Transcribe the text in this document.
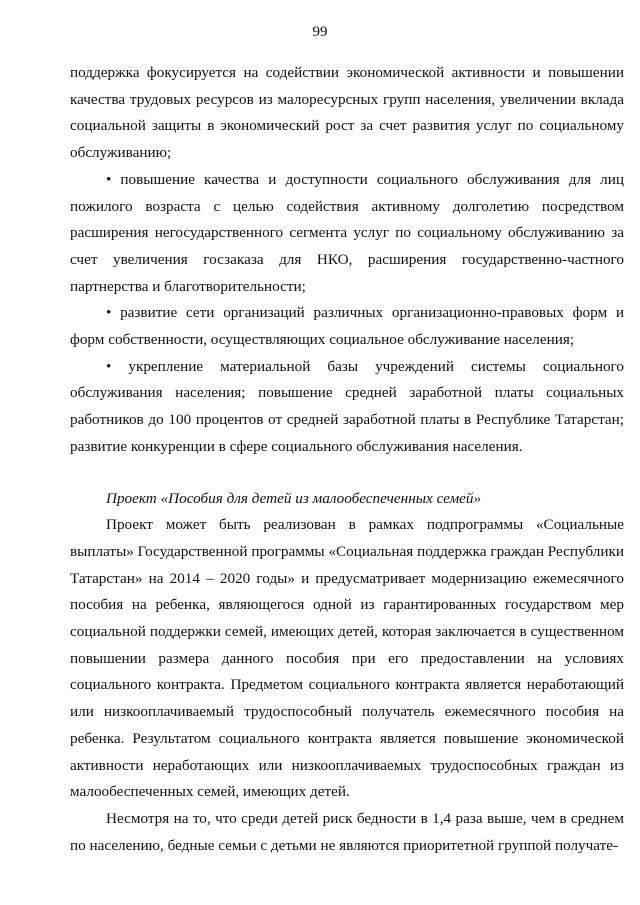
99

поддержка фокусируется на содействии экономической активности и повышении качества трудовых ресурсов из малоресурсных групп населения, увеличении вклада социальной защиты в экономический рост за счет развития услуг по социальному обслуживанию;

• повышение качества и доступности социального обслуживания для лиц пожилого возраста с целью содействия активному долголетию посредством расширения негосударственного сегмента услуг по социальному обслуживанию за счет увеличения госзаказа для НКО, расширения государственно-частного партнерства и благотворительности;

• развитие сети организаций различных организационно-правовых форм и форм собственности, осуществляющих социальное обслуживание населения;

• укрепление материальной базы учреждений системы социального обслуживания населения; повышение средней заработной платы социальных работников до 100 процентов от средней заработной платы в Республике Татарстан; развитие конкуренции в сфере социального обслуживания населения.

Проект «Пособия для детей из малообеспеченных семей»

Проект может быть реализован в рамках подпрограммы «Социальные выплаты» Государственной программы «Социальная поддержка граждан Республики Татарстан» на 2014 – 2020 годы» и предусматривает модернизацию ежемесячного пособия на ребенка, являющегося одной из гарантированных государством мер социальной поддержки семей, имеющих детей, которая заключается в существенном повышении размера данного пособия при его предоставлении на условиях социального контракта. Предметом социального контракта является неработающий или низкооплачиваемый трудоспособный получатель ежемесячного пособия на ребенка. Результатом социального контракта является повышение экономической активности неработающих или низкооплачиваемых трудоспособных граждан из малообеспеченных семей, имеющих детей.

Несмотря на то, что среди детей риск бедности в 1,4 раза выше, чем в среднем по населению, бедные семьи с детьми не являются приоритетной группой получате-
